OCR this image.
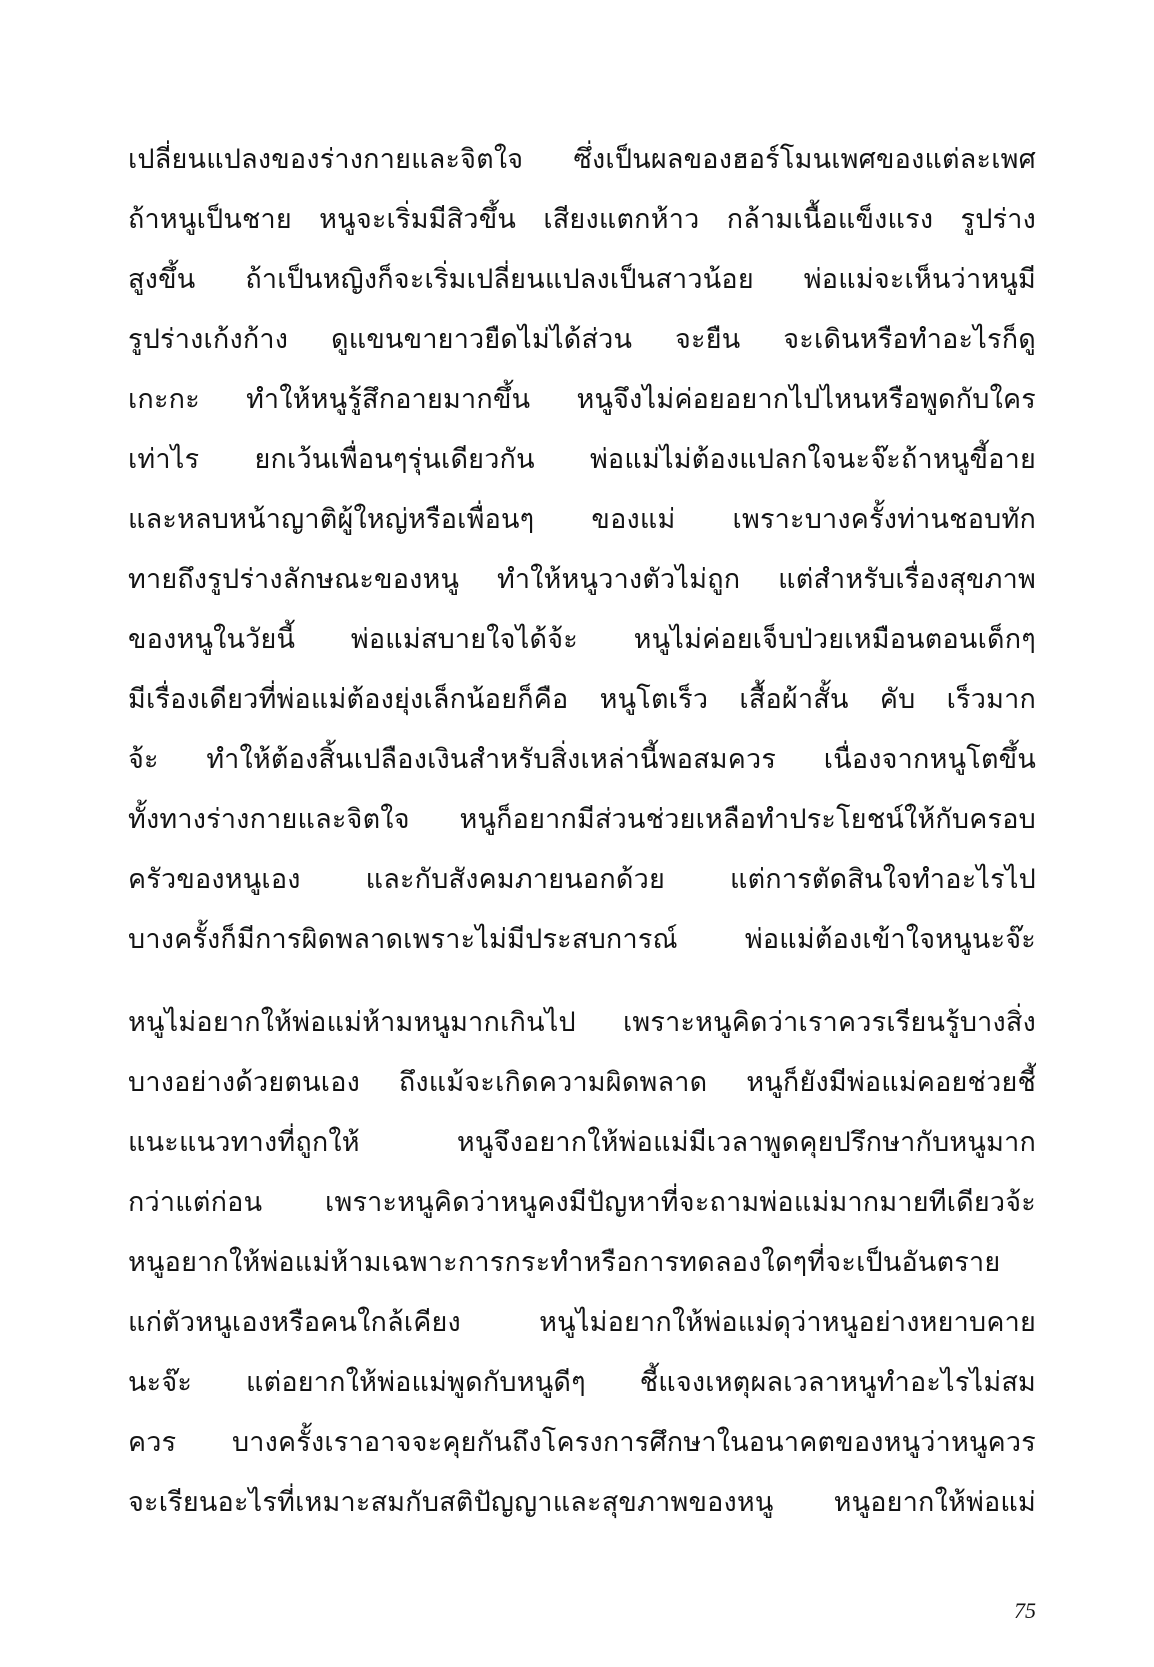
เปลี่ยนแปลงของร่างกายและจิตใจ ซึ่งเป็นผลของฮอร์โมนเพศของแต่ละเพศ
ถ้าหนูเป็นชาย หนูจะเริ่มมีสิวขึ้น เสียงแตกห้าว กล้ามเนื้อแข็งแรง รูปร่าง
สูงขึ้น ถ้าเป็นหญิงก็จะเริ่มเปลี่ยนแปลงเป็นสาวน้อย พ่อแม่จะเห็นว่าหนูมี
รูปร่างเก้งก้าง ดูแขนขายาวยืดไม่ได้ส่วน จะยืน จะเดินหรือทำอะไรก็ดู
เกะกะ ทำให้หนูรู้สึกอายมากขึ้น หนูจึงไม่ค่อยอยากไปไหนหรือพูดกับใคร
เท่าไร ยกเว้นเพื่อนๆรุ่นเดียวกัน พ่อแม่ไม่ต้องแปลกใจนะจ๊ะถ้าหนูขี้อาย
และหลบหน้าญาติผู้ใหญ่หรือเพื่อนๆ ของแม่ เพราะบางครั้งท่านชอบทัก
ทายถึงรูปร่างลักษณะของหนู ทำให้หนูวางตัวไม่ถูก แต่สำหรับเรื่องสุขภาพ
ของหนูในวัยนี้ พ่อแม่สบายใจได้จ้ะ หนูไม่ค่อยเจ็บป่วยเหมือนตอนเด็กๆ
มีเรื่องเดียวที่พ่อแม่ต้องยุ่งเล็กน้อยก็คือ หนูโตเร็ว เสื้อผ้าสั้น คับ เร็วมาก
จ้ะ ทำให้ต้องสิ้นเปลืองเงินสำหรับสิ่งเหล่านี้พอสมควร เนื่องจากหนูโตขึ้น
ทั้งทางร่างกายและจิตใจ หนูก็อยากมีส่วนช่วยเหลือทำประโยชน์ให้กับครอบ
ครัวของหนูเอง และกับสังคมภายนอกด้วย แต่การตัดสินใจทำอะไรไป
บางครั้งก็มีการผิดพลาดเพราะไม่มีประสบการณ์ พ่อแม่ต้องเข้าใจหนูนะจ๊ะ
หนูไม่อยากให้พ่อแม่ห้ามหนูมากเกินไป เพราะหนูคิดว่าเราควรเรียนรู้บางสิ่ง
บางอย่างด้วยตนเอง ถึงแม้จะเกิดความผิดพลาด หนูก็ยังมีพ่อแม่คอยช่วยชี้
แนะแนวทางที่ถูกให้ หนูจึงอยากให้พ่อแม่มีเวลาพูดคุยปรึกษากับหนูมาก
กว่าแต่ก่อน เพราะหนูคิดว่าหนูคงมีปัญหาที่จะถามพ่อแม่มากมายทีเดียวจ้ะ
หนูอยากให้พ่อแม่ห้ามเฉพาะการกระทำหรือการทดลองใดๆที่จะเป็นอันตราย
แก่ตัวหนูเองหรือคนใกล้เคียง หนูไม่อยากให้พ่อแม่ดุว่าหนูอย่างหยาบคาย
นะจ๊ะ แต่อยากให้พ่อแม่พูดกับหนูดีๆ ชี้แจงเหตุผลเวลาหนูทำอะไรไม่สม
ควร บางครั้งเราอาจจะคุยกันถึงโครงการศึกษาในอนาคตของหนูว่าหนูควร
จะเรียนอะไรที่เหมาะสมกับสติปัญญาและสุขภาพของหนู หนูอยากให้พ่อแม่
75
